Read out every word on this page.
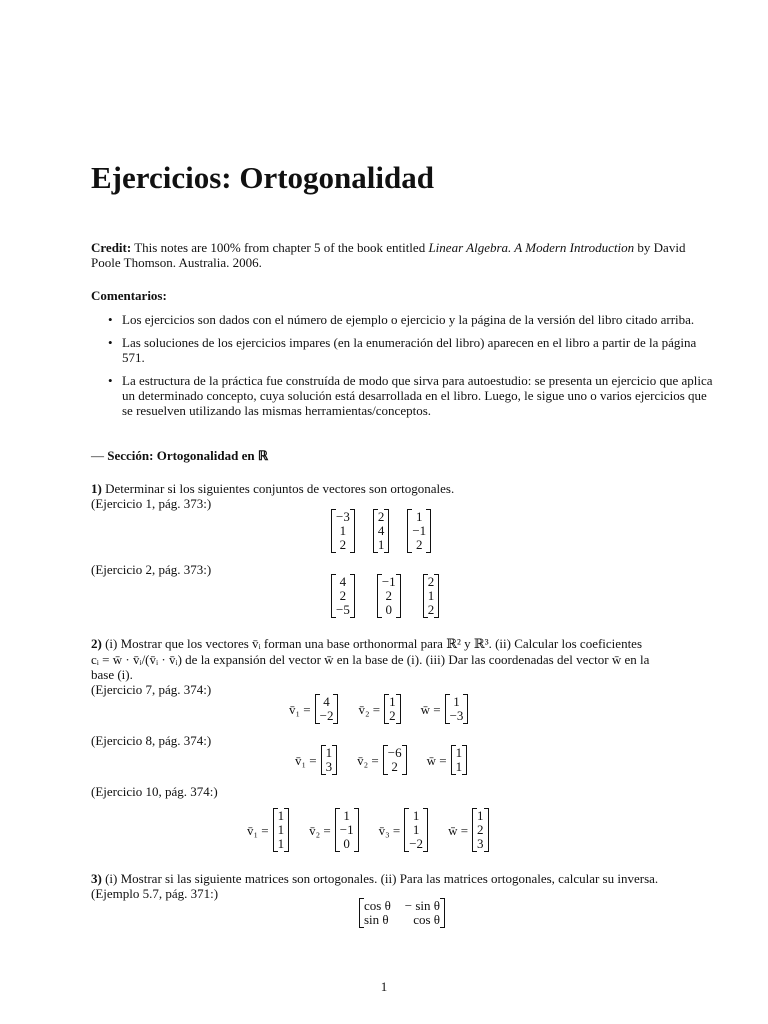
Ejercicios: Ortogonalidad
Credit: This notes are 100% from chapter 5 of the book entitled Linear Algebra. A Modern Introduction by David Poole Thomson. Australia. 2006.
Comentarios:
• Los ejercicios son dados con el número de ejemplo o ejercicio y la página de la versión del libro citado arriba.
• Las soluciones de los ejercicios impares (en la enumeración del libro) aparecen en el libro a partir de la página 571.
• La estructura de la práctica fue construída de modo que sirva para autoestudio: se presenta un ejercicio que aplica un determinado concepto, cuya solución está desarrollada en el libro. Luego, le sigue uno o varios ejercicios que se resuelven utilizando las mismas herramientas/conceptos.
— Sección: Ortogonalidad en ℝ
1) Determinar si los siguientes conjuntos de vectores son ortogonales.
(Ejercicio 1, pág. 373:)
−3
1
2
2
4
1
1
−1
2
(Ejercicio 2, pág. 373:)
4
2
−5
−1
2
0
2
1
2
2) (i) Mostrar que los vectores v̄ᵢ forman una base orthonormal para ℝ² y ℝ³. (ii) Calcular los coeficientes
cᵢ = w̄ · v̄ᵢ/(v̄ᵢ · v̄ᵢ) de la expansión del vector w̄ en la base de (i). (iii) Dar las coordenadas del vector w̄ en la
base (i).
(Ejercicio 7, pág. 374:)
v̄₁ = 4
−2 v̄₂ = 1
2 w̄ = 1
−3
(Ejercicio 8, pág. 374:)
v̄₁ = 1
3 v̄₂ = −6
2 w̄ = 1
1
(Ejercicio 10, pág. 374:)
v̄₁ =
1
1
1
v̄₂ =
1
−1
0
v̄₃ =
1
1
−2
w̄ =
1
2
3
3) (i) Mostrar si las siguiente matrices son ortogonales. (ii) Para las matrices ortogonales, calcular su inversa.
(Ejemplo 5.7, pág. 371:)
cos θ − sin θ
sin θ	cos θ
1
